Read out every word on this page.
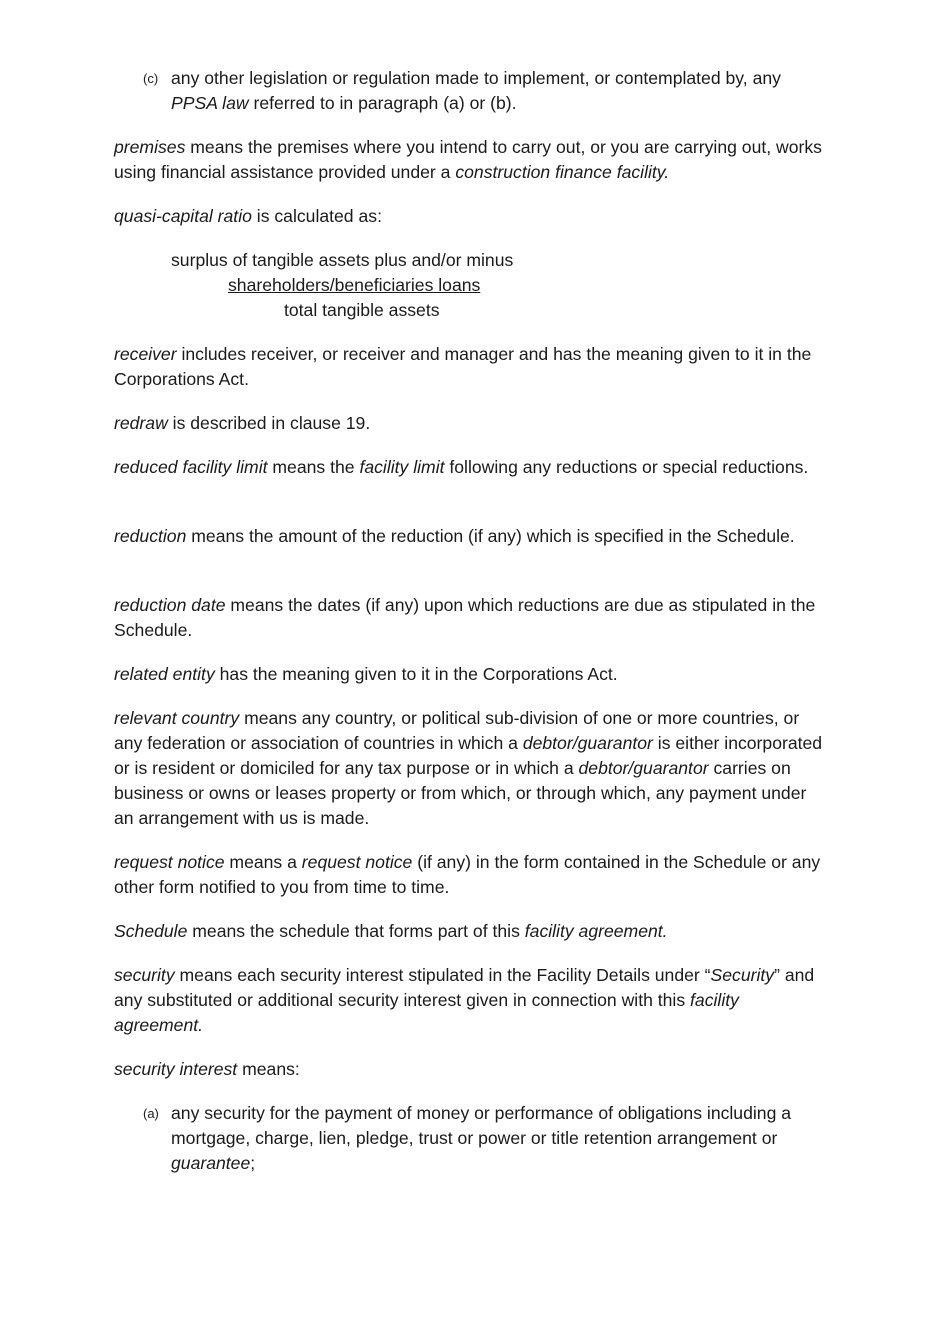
(c) any other legislation or regulation made to implement, or contemplated by, any PPSA law referred to in paragraph (a) or (b).

premises means the premises where you intend to carry out, or you are carrying out, works using financial assistance provided under a construction finance facility.

quasi-capital ratio is calculated as:

surplus of tangible assets plus and/or minus
shareholders/beneficiaries loans
total tangible assets

receiver includes receiver, or receiver and manager and has the meaning given to it in the Corporations Act.

redraw is described in clause 19.

reduced facility limit means the facility limit following any reductions or special reductions.

reduction means the amount of the reduction (if any) which is specified in the Schedule.

reduction date means the dates (if any) upon which reductions are due as stipulated in the Schedule.

related entity has the meaning given to it in the Corporations Act.

relevant country means any country, or political sub-division of one or more countries, or any federation or association of countries in which a debtor/guarantor is either incorporated or is resident or domiciled for any tax purpose or in which a debtor/guarantor carries on business or owns or leases property or from which, or through which, any payment under an arrangement with us is made.

request notice means a request notice (if any) in the form contained in the Schedule or any other form notified to you from time to time.

Schedule means the schedule that forms part of this facility agreement.

security means each security interest stipulated in the Facility Details under “Security” and any substituted or additional security interest given in connection with this facility agreement.

security interest means:

(a) any security for the payment of money or performance of obligations including a mortgage, charge, lien, pledge, trust or power or title retention arrangement or guarantee;
